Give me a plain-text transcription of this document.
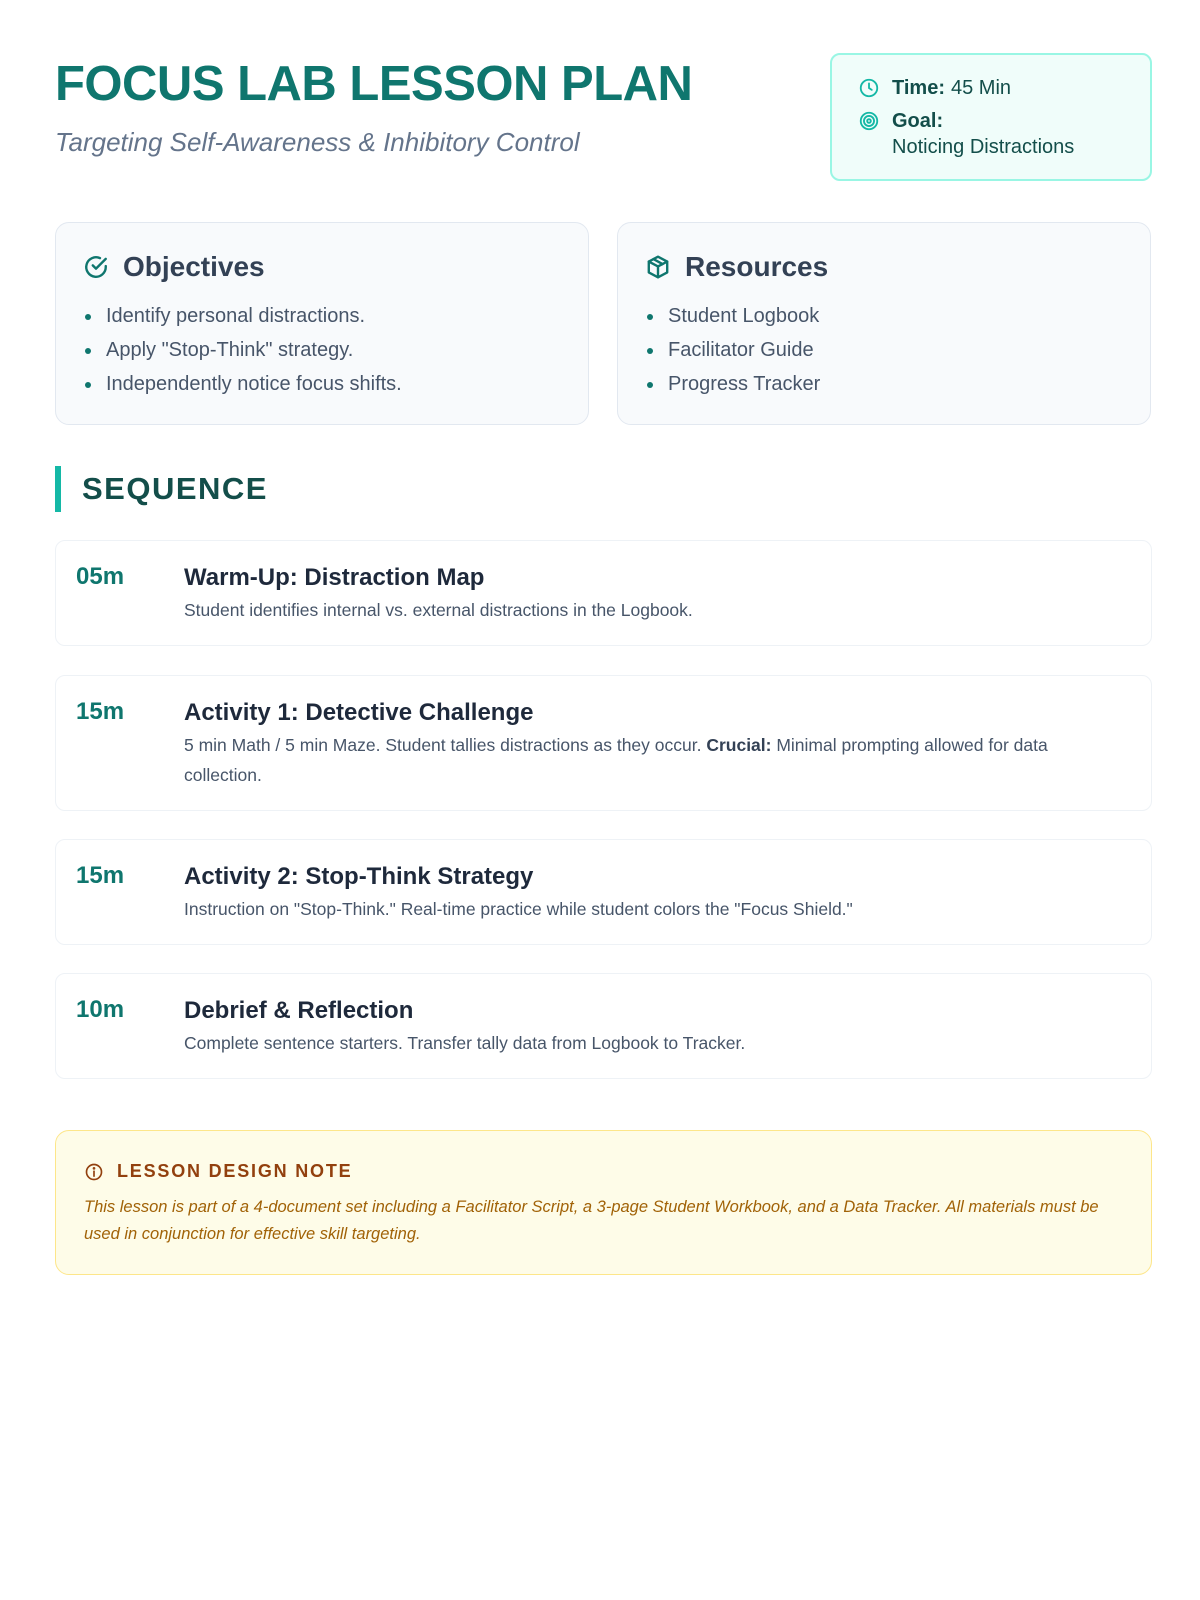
FOCUS LAB LESSON PLAN
Targeting Self-Awareness & Inhibitory Control
Time: 45 Min
Goal:
Noticing Distractions
Objectives
Identify personal distractions.
Apply "Stop-Think" strategy.
Independently notice focus shifts.
Resources
Student Logbook
Facilitator Guide
Progress Tracker
SEQUENCE
05m Warm-Up: Distraction Map
Student identifies internal vs. external distractions in the Logbook.
15m Activity 1: Detective Challenge
5 min Math / 5 min Maze. Student tallies distractions as they occur. Crucial: Minimal prompting allowed for data collection.
15m Activity 2: Stop-Think Strategy
Instruction on "Stop-Think." Real-time practice while student colors the "Focus Shield."
10m Debrief & Reflection
Complete sentence starters. Transfer tally data from Logbook to Tracker.
LESSON DESIGN NOTE
This lesson is part of a 4-document set including a Facilitator Script, a 3-page Student Workbook, and a Data Tracker. All materials must be used in conjunction for effective skill targeting.
